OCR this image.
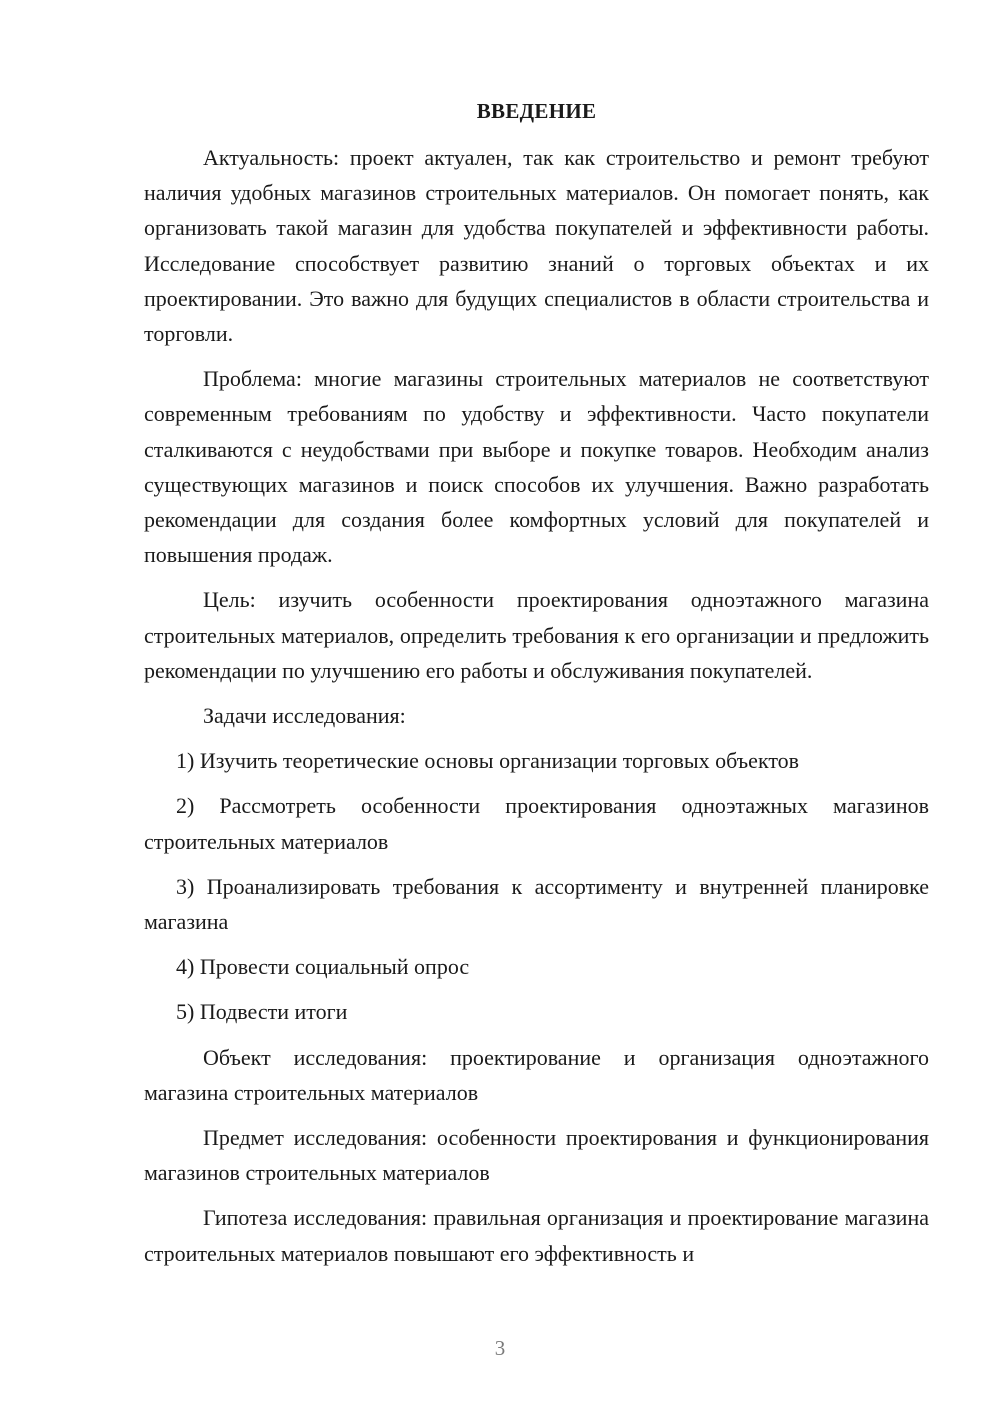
ВВЕДЕНИЕ

Актуальность: проект актуален, так как строительство и ремонт требуют наличия удобных магазинов строительных материалов. Он помогает понять, как организовать такой магазин для удобства покупателей и эффективности работы. Исследование способствует развитию знаний о торговых объектах и их проектировании. Это важно для будущих специалистов в области строительства и торговли.

Проблема: многие магазины строительных материалов не соответствуют современным требованиям по удобству и эффективности. Часто покупатели сталкиваются с неудобствами при выборе и покупке товаров. Необходим анализ существующих магазинов и поиск способов их улучшения. Важно разработать рекомендации для создания более комфортных условий для покупателей и повышения продаж.

Цель: изучить особенности проектирования одноэтажного магазина строительных материалов, определить требования к его организации и предложить рекомендации по улучшению его работы и обслуживания покупателей.

Задачи исследования:

1) Изучить теоретические основы организации торговых объектов

2) Рассмотреть особенности проектирования одноэтажных магазинов строительных материалов

3) Проанализировать требования к ассортименту и внутренней планировке магазина

4) Провести социальный опрос

5) Подвести итоги

Объект исследования: проектирование и организация одноэтажного магазина строительных материалов

Предмет исследования: особенности проектирования и функционирования магазинов строительных материалов

Гипотеза исследования: правильная организация и проектирование магазина строительных материалов повышают его эффективность и

3
